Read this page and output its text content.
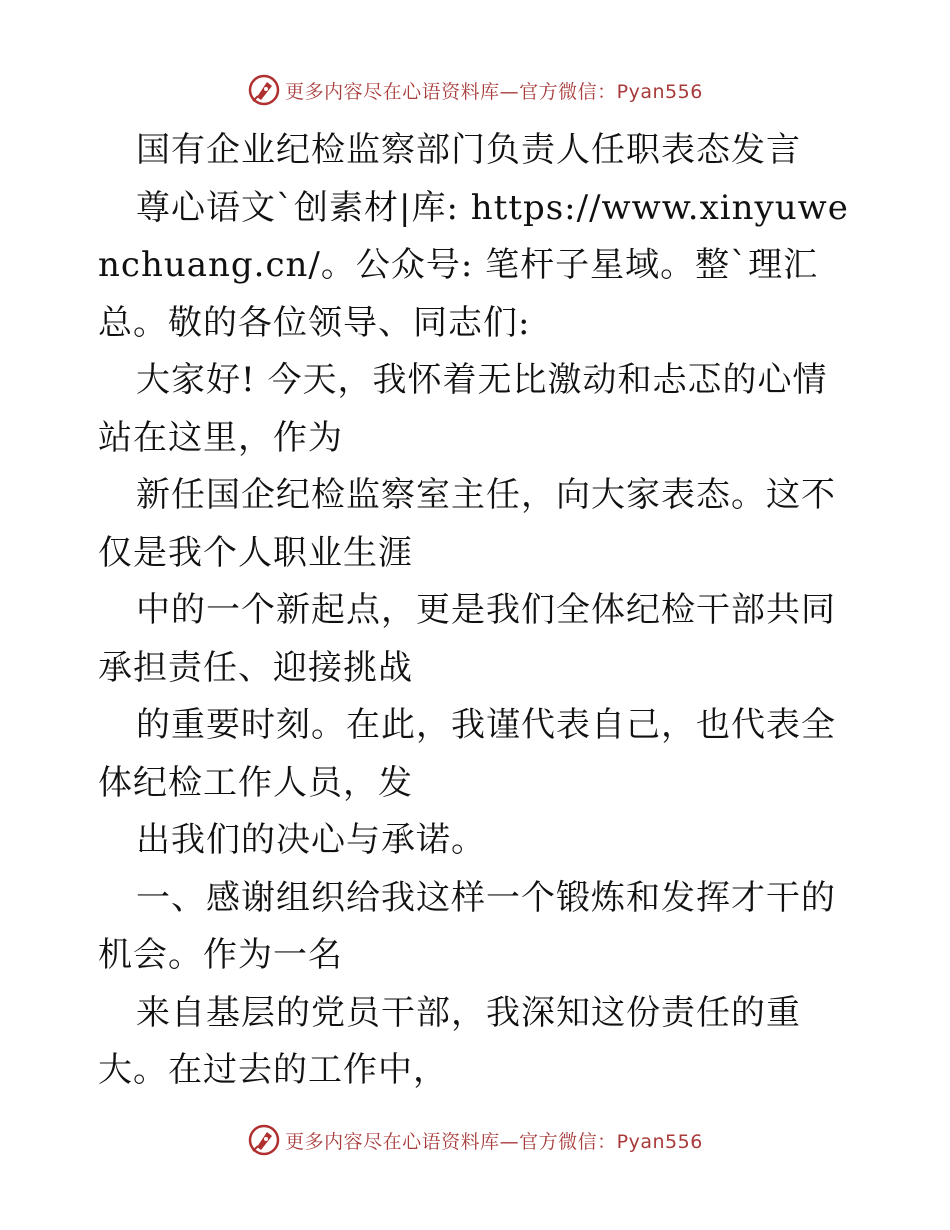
更多内容尽在心语资料库—官方微信：Pyan556

国有企业纪检监察部门负责人任职表态发言

尊心语文`创素材|库: https://www.xinyuwenchuang.cn/。公众号: 笔杆子星域。整`理汇总。敬的各位领导、同志们:

大家好! 今天，我怀着无比激动和忐忑的心情站在这里，作为

新任国企纪检监察室主任，向大家表态。这不仅是我个人职业生涯

中的一个新起点，更是我们全体纪检干部共同承担责任、迎接挑战

的重要时刻。在此，我谨代表自己，也代表全体纪检工作人员，发

出我们的决心与承诺。

一、感谢组织给我这样一个锻炼和发挥才干的机会。作为一名

来自基层的党员干部，我深知这份责任的重大。在过去的工作中，

更多内容尽在心语资料库—官方微信：Pyan556
